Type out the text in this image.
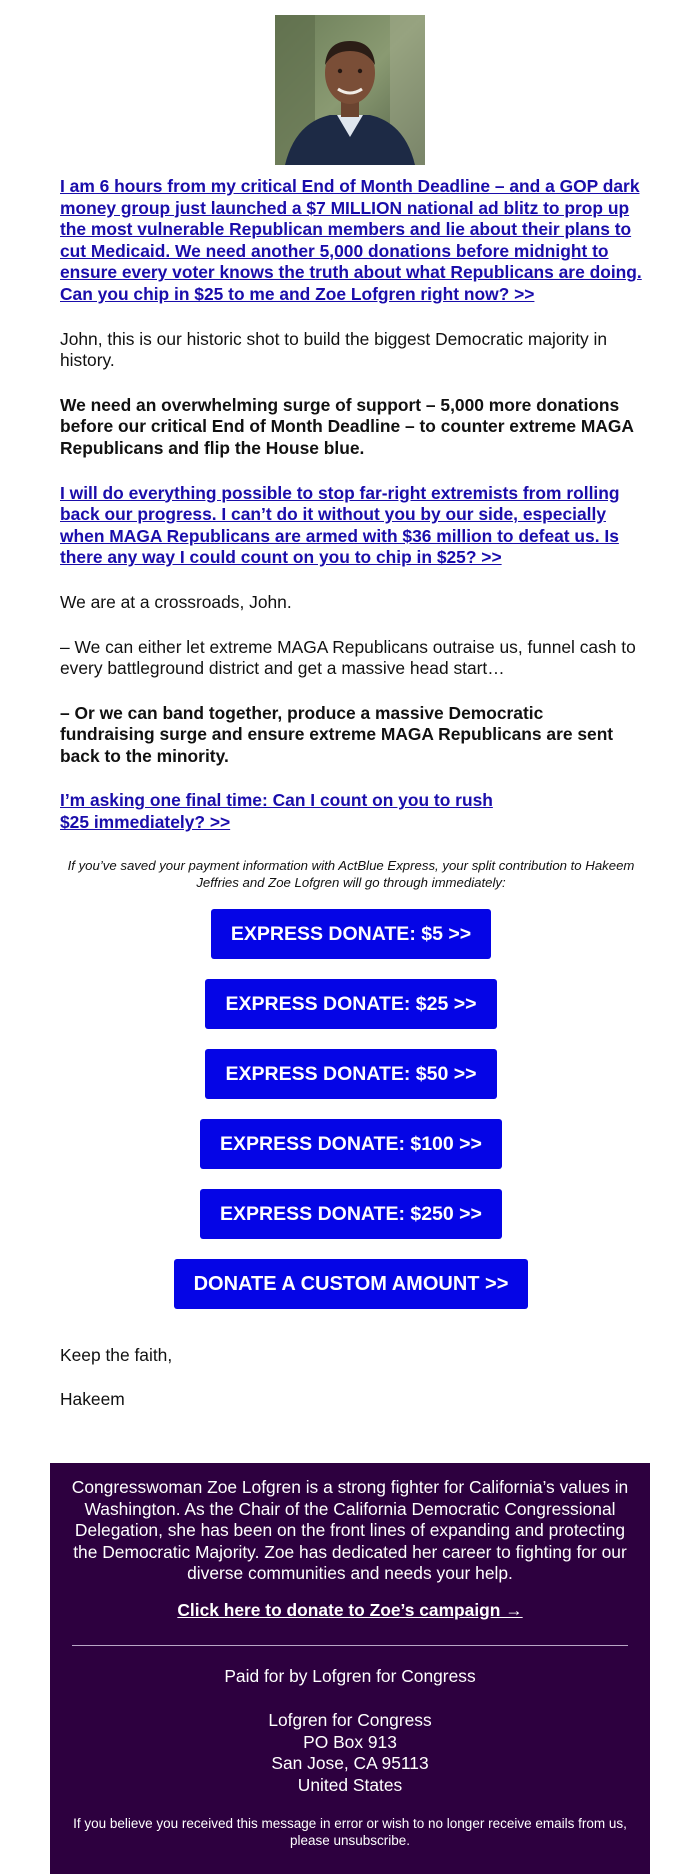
I am 6 hours from my critical End of Month Deadline – and a GOP dark money group just launched a $7 MILLION national ad blitz to prop up the most vulnerable Republican members and lie about their plans to cut Medicaid. We need another 5,000 donations before midnight to ensure every voter knows the truth about what Republicans are doing. Can you chip in $25 to me and Zoe Lofgren right now? >>

John, this is our historic shot to build the biggest Democratic majority in history.

We need an overwhelming surge of support – 5,000 more donations before our critical End of Month Deadline – to counter extreme MAGA Republicans and flip the House blue.

I will do everything possible to stop far-right extremists from rolling back our progress. I can’t do it without you by our side, especially when MAGA Republicans are armed with $36 million to defeat us. Is there any way I could count on you to chip in $25? >>

We are at a crossroads, John.

– We can either let extreme MAGA Republicans outraise us, funnel cash to every battleground district and get a massive head start…

– Or we can band together, produce a massive Democratic fundraising surge and ensure extreme MAGA Republicans are sent back to the minority.

I’m asking one final time: Can I count on you to rush
$25 immediately? >>

If you’ve saved your payment information with ActBlue Express, your split contribution to Hakeem Jeffries and Zoe Lofgren will go through immediately:

EXPRESS DONATE: $5 >>
EXPRESS DONATE: $25 >>
EXPRESS DONATE: $50 >>
EXPRESS DONATE: $100 >>
EXPRESS DONATE: $250 >>
DONATE A CUSTOM AMOUNT >>

Keep the faith,

Hakeem

Congresswoman Zoe Lofgren is a strong fighter for California’s values in Washington. As the Chair of the California Democratic Congressional Delegation, she has been on the front lines of expanding and protecting the Democratic Majority. Zoe has dedicated her career to fighting for our diverse communities and needs your help.

Click here to donate to Zoe’s campaign →

Paid for by Lofgren for Congress

Lofgren for Congress
PO Box 913
San Jose, CA 95113
United States

If you believe you received this message in error or wish to no longer receive emails from us, please unsubscribe.
